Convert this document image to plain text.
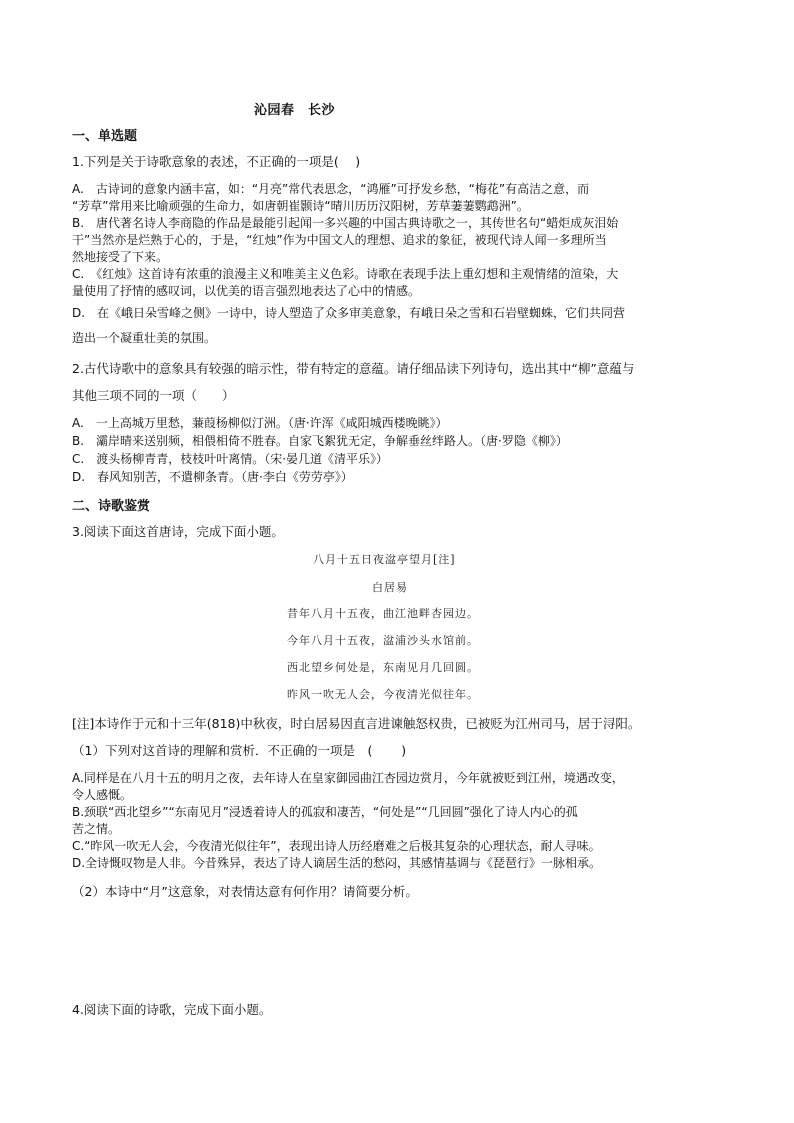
沁园春　长沙
一、单选题
1.下列是关于诗歌意象的表述，不正确的一项是(　 )
A.　古诗词的意象内涵丰富，如：“月亮”常代表思念，“鸿雁”可抒发乡愁，“梅花”有高洁之意，而
“芳草”常用来比喻顽强的生命力，如唐朝崔颢诗“晴川历历汉阳树，芳草萋萋鹦鹉洲”。
B.　唐代著名诗人李商隐的作品是最能引起闻一多兴趣的中国古典诗歌之一，其传世名句“蜡炬成灰泪始
干”当然亦是烂熟于心的，于是，“红烛”作为中国文人的理想、追求的象征，被现代诗人闻一多理所当
然地接受了下来。
C.　《红烛》这首诗有浓重的浪漫主义和唯美主义色彩。诗歌在表现手法上重幻想和主观情绪的渲染，大
量使用了抒情的感叹词，以优美的语言强烈地表达了心中的情感。
D.　在《峨日朵雪峰之侧》一诗中，诗人塑造了众多审美意象，有峨日朵之雪和石岩壁蜘蛛，它们共同营
造出一个凝重壮美的氛围。
2.古代诗歌中的意象具有较强的暗示性，带有特定的意蕴。请仔细品读下列诗句，选出其中“柳”意蕴与
其他三项不同的一项（　　）
A.　一上高城万里愁，蒹葭杨柳似汀洲。（唐·许浑《咸阳城西楼晚眺》）
B.　灞岸晴来送别频，相偎相倚不胜春。自家飞絮犹无定，争解垂丝绊路人。（唐·罗隐《柳》）
C.　渡头杨柳青青，枝枝叶叶离情。（宋·晏几道《清平乐》）
D.　春风知别苦，不遣柳条青。（唐·李白《劳劳亭》）
二、诗歌鉴赏
3.阅读下面这首唐诗，完成下面小题。
八月十五日夜湓亭望月[注]
白居易
昔年八月十五夜，曲江池畔杏园边。
今年八月十五夜，湓浦沙头水馆前。
西北望乡何处是，东南见月几回圆。
昨风一吹无人会，今夜清光似往年。
[注]本诗作于元和十三年(818)中秋夜，时白居易因直言进谏触怒权贵，已被贬为江州司马，居于浔阳。
（1）下列对这首诗的理解和赏析．不正确的一项是　(　　 )
A.同样是在八月十五的明月之夜，去年诗人在皇家御园曲江杏园边赏月，今年就被贬到江州，境遇改变，
令人感慨。
B.颈联“西北望乡”“东南见月”浸透着诗人的孤寂和凄苦，“何处是”“几回圆”强化了诗人内心的孤
苦之情。
C.“昨风一吹无人会，今夜清光似往年”，表现出诗人历经磨难之后极其复杂的心理状态，耐人寻味。
D.全诗慨叹物是人非。今昔殊异，表达了诗人谪居生活的愁闷，其感情基调与《琵琶行》一脉相承。
（2）本诗中“月”这意象，对表情达意有何作用？请简要分析。
4.阅读下面的诗歌，完成下面小题。
